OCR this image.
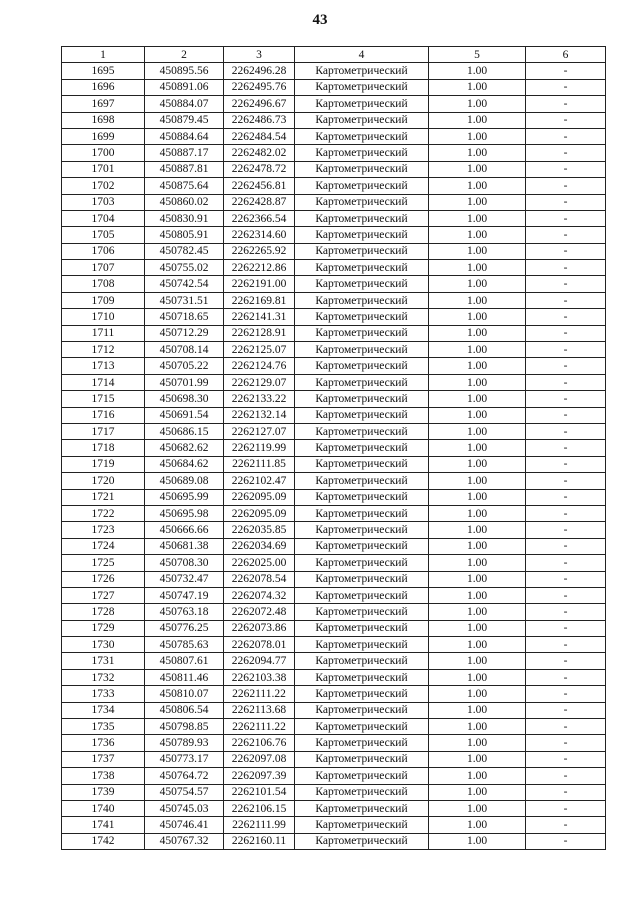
43
1	2	3	4	5	6
1695	450895.56	2262496.28	Картометрический	1.00	-
1696	450891.06	2262495.76	Картометрический	1.00	-
1697	450884.07	2262496.67	Картометрический	1.00	-
1698	450879.45	2262486.73	Картометрический	1.00	-
1699	450884.64	2262484.54	Картометрический	1.00	-
1700	450887.17	2262482.02	Картометрический	1.00	-
1701	450887.81	2262478.72	Картометрический	1.00	-
1702	450875.64	2262456.81	Картометрический	1.00	-
1703	450860.02	2262428.87	Картометрический	1.00	-
1704	450830.91	2262366.54	Картометрический	1.00	-
1705	450805.91	2262314.60	Картометрический	1.00	-
1706	450782.45	2262265.92	Картометрический	1.00	-
1707	450755.02	2262212.86	Картометрический	1.00	-
1708	450742.54	2262191.00	Картометрический	1.00	-
1709	450731.51	2262169.81	Картометрический	1.00	-
1710	450718.65	2262141.31	Картометрический	1.00	-
1711	450712.29	2262128.91	Картометрический	1.00	-
1712	450708.14	2262125.07	Картометрический	1.00	-
1713	450705.22	2262124.76	Картометрический	1.00	-
1714	450701.99	2262129.07	Картометрический	1.00	-
1715	450698.30	2262133.22	Картометрический	1.00	-
1716	450691.54	2262132.14	Картометрический	1.00	-
1717	450686.15	2262127.07	Картометрический	1.00	-
1718	450682.62	2262119.99	Картометрический	1.00	-
1719	450684.62	2262111.85	Картометрический	1.00	-
1720	450689.08	2262102.47	Картометрический	1.00	-
1721	450695.99	2262095.09	Картометрический	1.00	-
1722	450695.98	2262095.09	Картометрический	1.00	-
1723	450666.66	2262035.85	Картометрический	1.00	-
1724	450681.38	2262034.69	Картометрический	1.00	-
1725	450708.30	2262025.00	Картометрический	1.00	-
1726	450732.47	2262078.54	Картометрический	1.00	-
1727	450747.19	2262074.32	Картометрический	1.00	-
1728	450763.18	2262072.48	Картометрический	1.00	-
1729	450776.25	2262073.86	Картометрический	1.00	-
1730	450785.63	2262078.01	Картометрический	1.00	-
1731	450807.61	2262094.77	Картометрический	1.00	-
1732	450811.46	2262103.38	Картометрический	1.00	-
1733	450810.07	2262111.22	Картометрический	1.00	-
1734	450806.54	2262113.68	Картометрический	1.00	-
1735	450798.85	2262111.22	Картометрический	1.00	-
1736	450789.93	2262106.76	Картометрический	1.00	-
1737	450773.17	2262097.08	Картометрический	1.00	-
1738	450764.72	2262097.39	Картометрический	1.00	-
1739	450754.57	2262101.54	Картометрический	1.00	-
1740	450745.03	2262106.15	Картометрический	1.00	-
1741	450746.41	2262111.99	Картометрический	1.00	-
1742	450767.32	2262160.11	Картометрический	1.00	-
